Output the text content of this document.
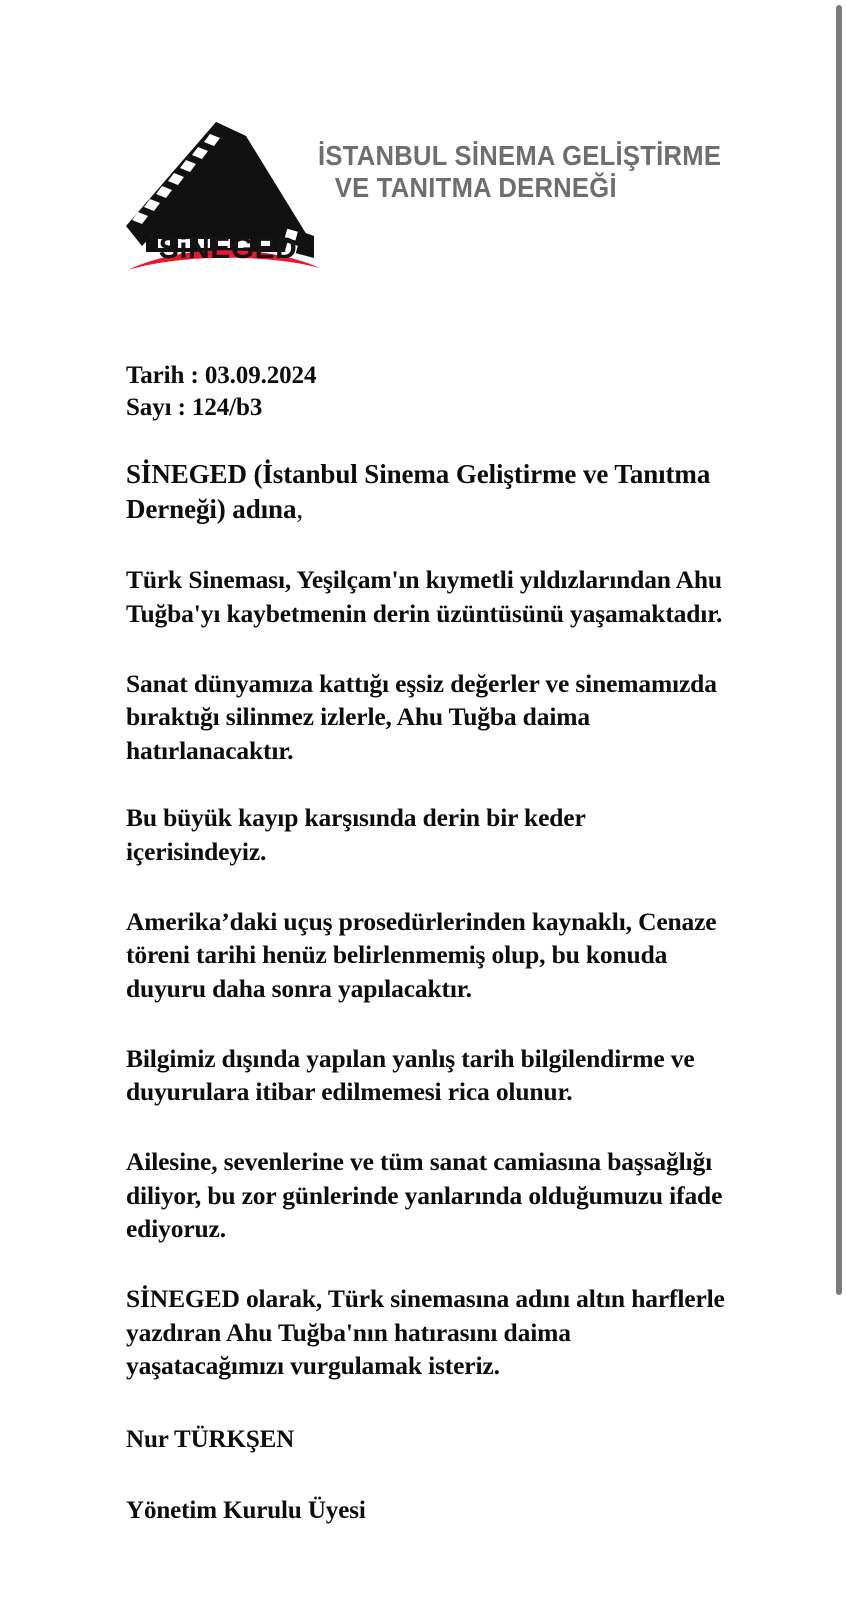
SiNEGED
İSTANBUL SİNEMA GELİŞTİRME
VE TANITMA DERNEĞİ
Tarih : 03.09.2024
Sayı : 124/b3
SİNEGED (İstanbul Sinema Geliştirme ve Tanıtma Derneği) adına,

Türk Sineması, Yeşilçam'ın kıymetli yıldızlarından Ahu Tuğba'yı kaybetmenin derin üzüntüsünü yaşamaktadır.

Sanat dünyamıza kattığı eşsiz değerler ve sinemamızda bıraktığı silinmez izlerle, Ahu Tuğba daima hatırlanacaktır.

Bu büyük kayıp karşısında derin bir keder içerisindeyiz.

Amerika’daki uçuş prosedürlerinden kaynaklı, Cenaze töreni tarihi henüz belirlenmemiş olup, bu konuda duyuru daha sonra yapılacaktır.

Bilgimiz dışında yapılan yanlış tarih bilgilendirme ve duyurulara itibar edilmemesi rica olunur.

Ailesine, sevenlerine ve tüm sanat camiasına başsağlığı diliyor, bu zor günlerinde yanlarında olduğumuzu ifade ediyoruz.

SİNEGED olarak, Türk sinemasına adını altın harflerle yazdıran Ahu Tuğba'nın hatırasını daima yaşatacağımızı vurgulamak isteriz.

Nur TÜRKŞEN
Yönetim Kurulu Üyesi
